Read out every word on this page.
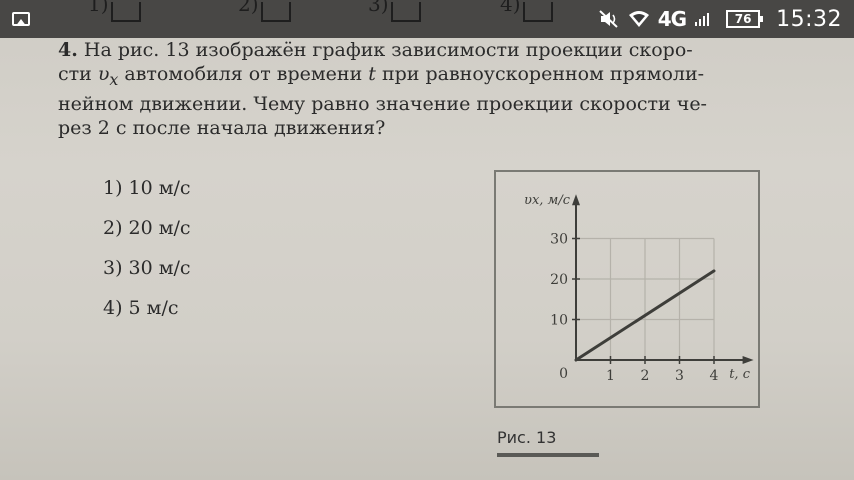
4G	76	15:32
4. На рис. 13 изображён график зависимости проекции скоро-
сти $\upsilon_x$ автомобиля от времени t при равноускоренном прямоли-
нейном движении. Чему равно значение проекции скорости че-
рез 2 с после начала движения?
1) 10 м/с
2) 20 м/с
3) 30 м/с
4) 5 м/с
1 2 3 4
10
20
30
0
υx, м/с
t, с
Рис. 13
